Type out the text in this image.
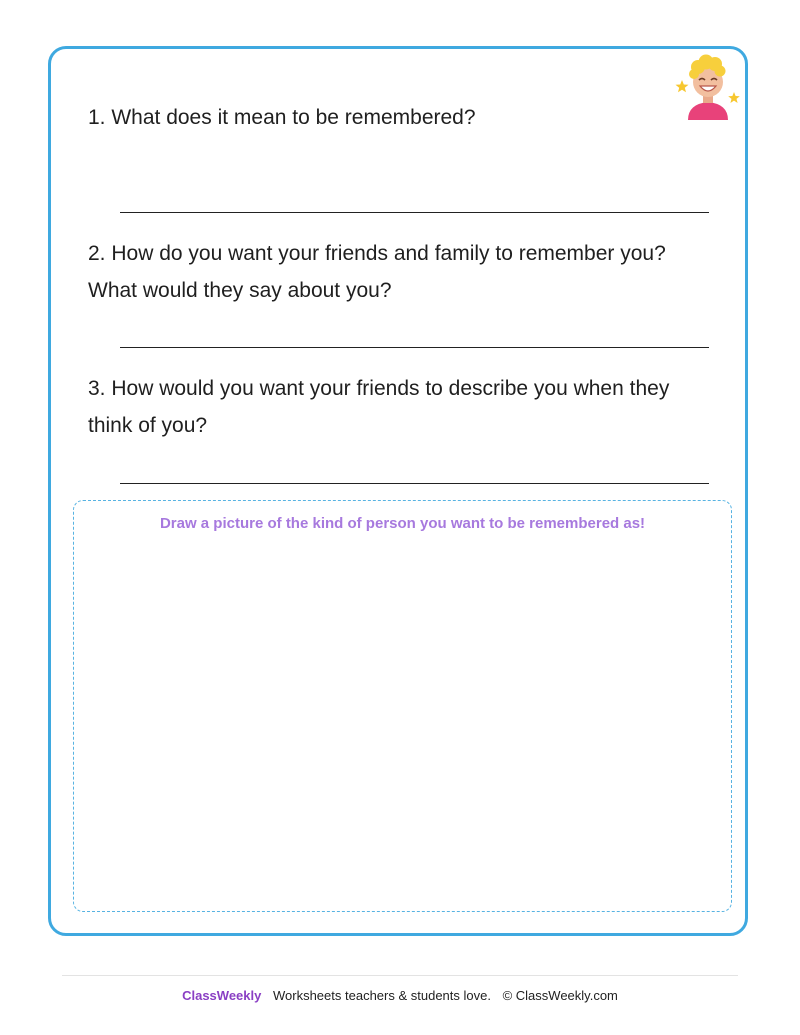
1. What does it mean to be remembered?
2. How do you want your friends and family to remember you? What would they say about you?
3. How would you want your friends to describe you when they think of you?
Draw a picture of the kind of person you want to be remembered as!
ClassWeekly Worksheets teachers & students love. © ClassWeekly.com
